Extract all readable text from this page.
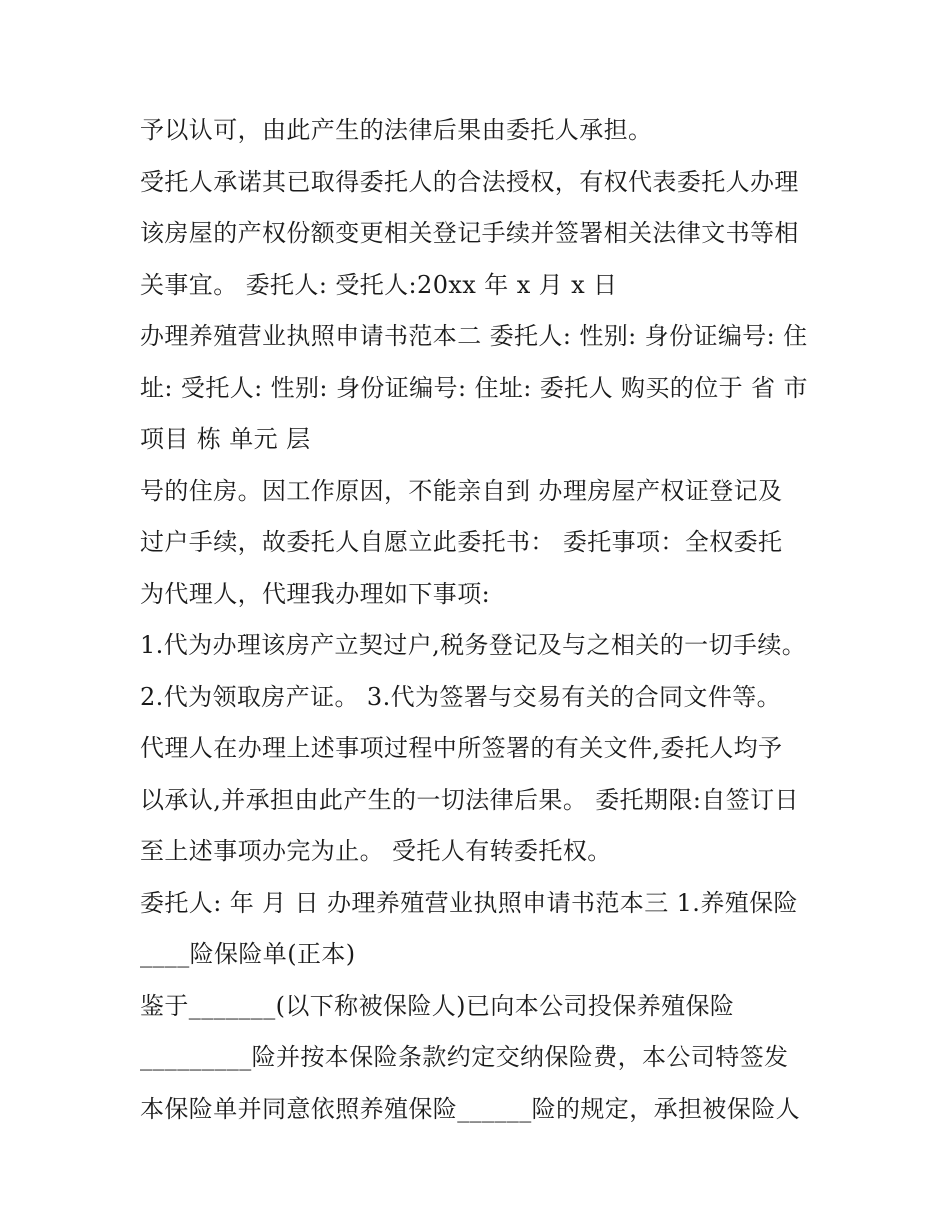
予以认可，由此产生的法律后果由委托人承担。
受托人承诺其已取得委托人的合法授权，有权代表委托人办理
该房屋的产权份额变更相关登记手续并签署相关法律文书等相
关事宜。 委托人: 受托人:20xx 年 x 月 x 日
办理养殖营业执照申请书范本二 委托人: 性别: 身份证编号: 住
址: 受托人: 性别: 身份证编号: 住址: 委托人 购买的位于 省 市
项目 栋 单元 层
号的住房。因工作原因，不能亲自到 办理房屋产权证登记及
过户手续，故委托人自愿立此委托书： 委托事项：全权委托
为代理人，代理我办理如下事项:
1.代为办理该房产立契过户,税务登记及与之相关的一切手续。
2.代为领取房产证。 3.代为签署与交易有关的合同文件等。
代理人在办理上述事项过程中所签署的有关文件,委托人均予
以承认,并承担由此产生的一切法律后果。 委托期限:自签订日
至上述事项办完为止。 受托人有转委托权。
委托人: 年 月 日 办理养殖营业执照申请书范本三 1.养殖保险
____险保险单(正本)
鉴于_______(以下称被保险人)已向本公司投保养殖保险
_________险并按本保险条款约定交纳保险费，本公司特签发
本保险单并同意依照养殖保险______险的规定，承担被保险人
